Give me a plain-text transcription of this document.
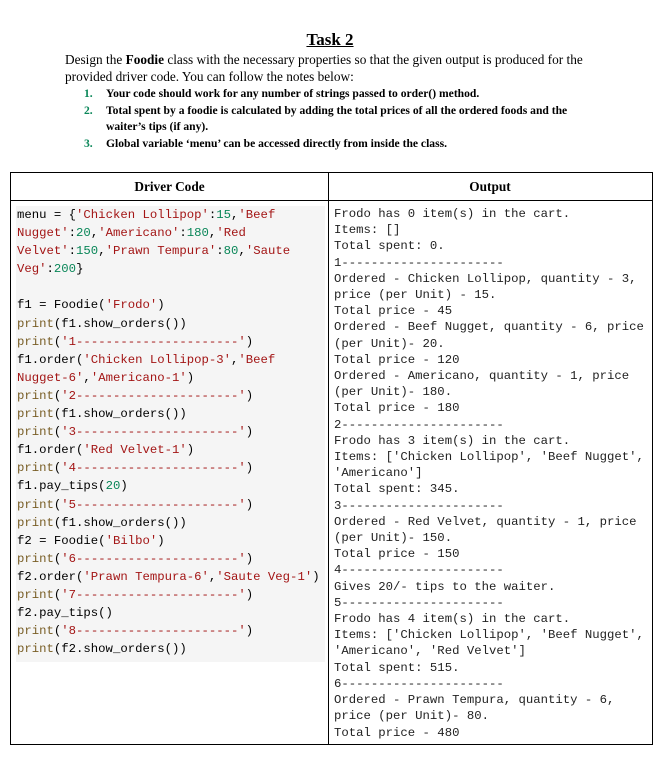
Task 2
Design the Foodie class with the necessary properties so that the given output is produced for the provided driver code. You can follow the notes below:
1. Your code should work for any number of strings passed to order() method.
2. Total spent by a foodie is calculated by adding the total prices of all the ordered foods and the waiter’s tips (if any).
3. Global variable ‘menu’ can be accessed directly from inside the class.
Driver Code	Output
menu = {'Chicken Lollipop':15,'Beef
Nugget':20,'Americano':180,'Red
Velvet':150,'Prawn Tempura':80,'Saute
Veg':200}

f1 = Foodie('Frodo')
print(f1.show_orders())
print('1----------------------')
f1.order('Chicken Lollipop-3','Beef
Nugget-6','Americano-1')
print('2----------------------')
print(f1.show_orders())
print('3----------------------')
f1.order('Red Velvet-1')
print('4----------------------')
f1.pay_tips(20)
print('5----------------------')
print(f1.show_orders())
f2 = Foodie('Bilbo')
print('6----------------------')
f2.order('Prawn Tempura-6','Saute Veg-1')
print('7----------------------')
f2.pay_tips()
print('8----------------------')
print(f2.show_orders())
Frodo has 0 item(s) in the cart.
Items: []
Total spent: 0.
1----------------------
Ordered - Chicken Lollipop, quantity - 3,
price (per Unit) - 15.
Total price - 45
Ordered - Beef Nugget, quantity - 6, price
(per Unit)- 20.
Total price - 120
Ordered - Americano, quantity - 1, price
(per Unit)- 180.
Total price - 180
2----------------------
Frodo has 3 item(s) in the cart.
Items: ['Chicken Lollipop', 'Beef Nugget',
'Americano']
Total spent: 345.
3----------------------
Ordered - Red Velvet, quantity - 1, price
(per Unit)- 150.
Total price - 150
4----------------------
Gives 20/- tips to the waiter.
5----------------------
Frodo has 4 item(s) in the cart.
Items: ['Chicken Lollipop', 'Beef Nugget',
'Americano', 'Red Velvet']
Total spent: 515.
6----------------------
Ordered - Prawn Tempura, quantity - 6,
price (per Unit)- 80.
Total price - 480
